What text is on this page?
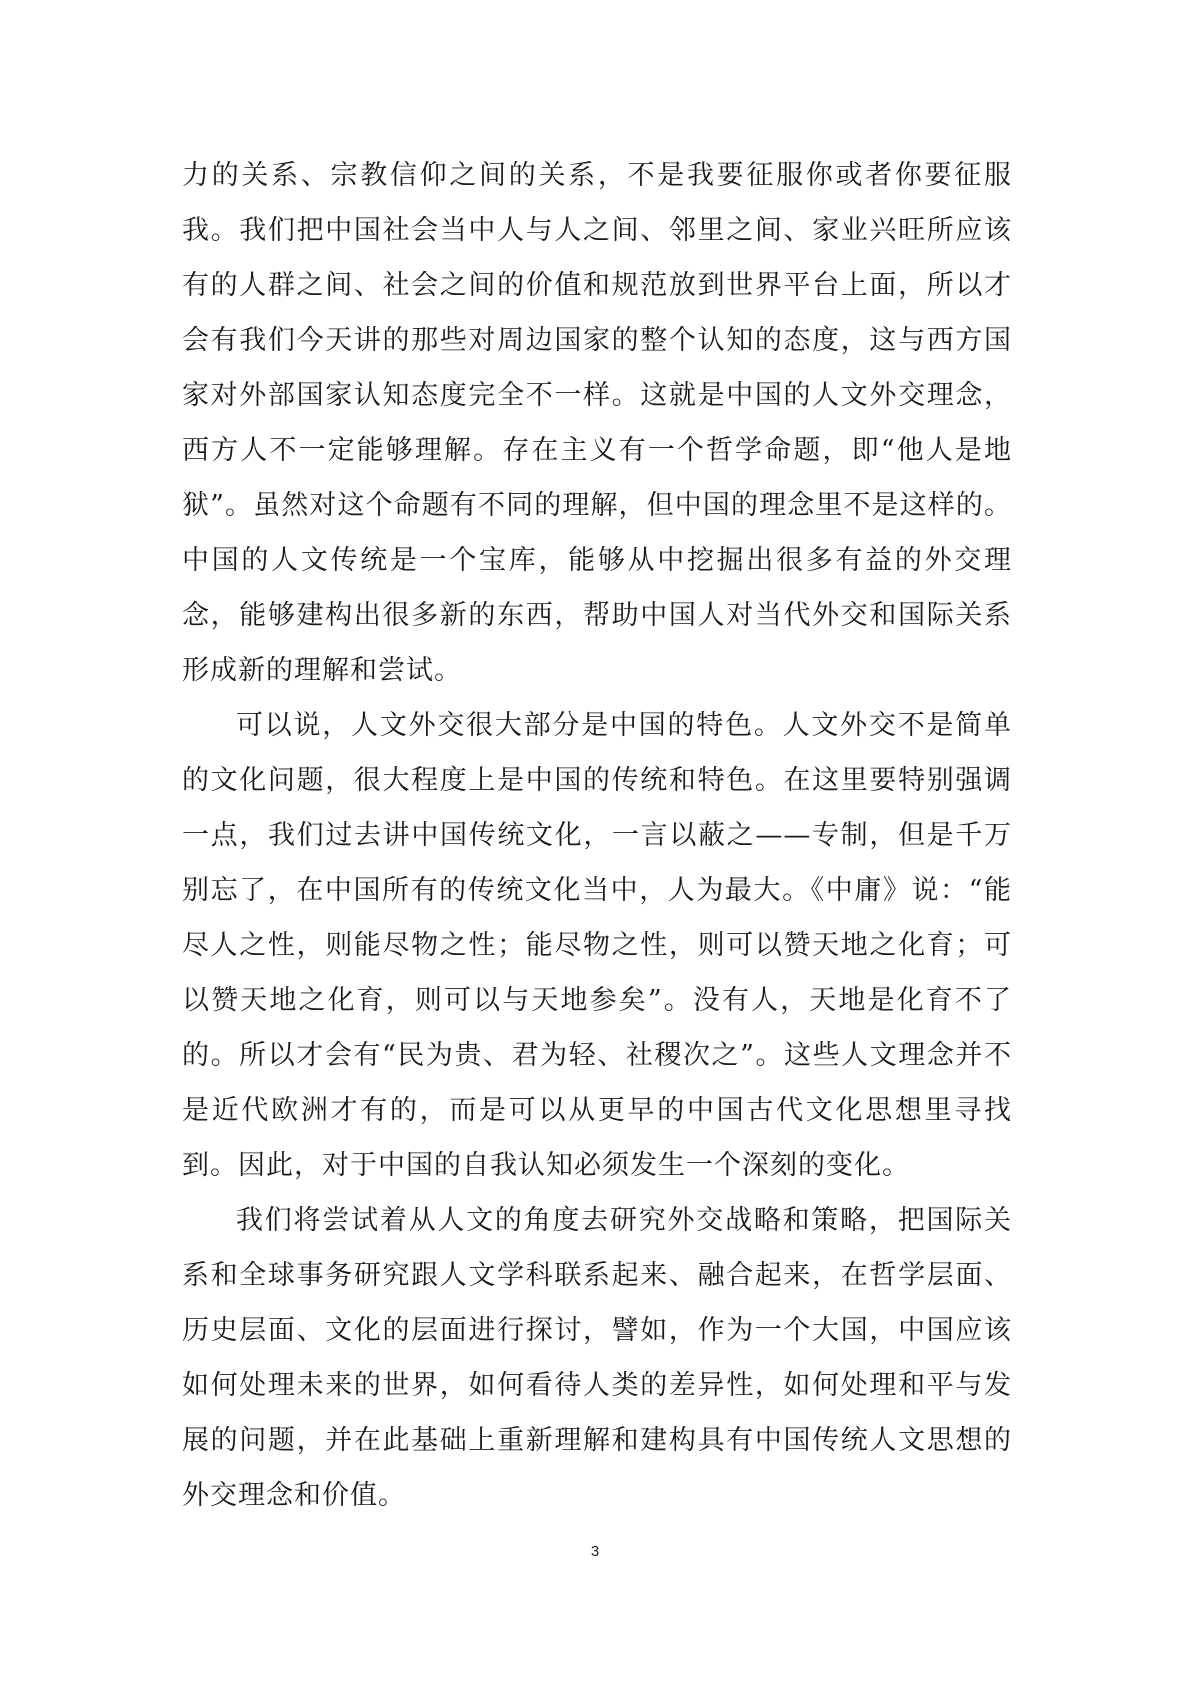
力的关系、宗教信仰之间的关系，不是我要征服你或者你要征服我。我们把中国社会当中人与人之间、邻里之间、家业兴旺所应该有的人群之间、社会之间的价值和规范放到世界平台上面，所以才会有我们今天讲的那些对周边国家的整个认知的态度，这与西方国家对外部国家认知态度完全不一样。这就是中国的人文外交理念，西方人不一定能够理解。存在主义有一个哲学命题，即“他人是地狱”。虽然对这个命题有不同的理解，但中国的理念里不是这样的。中国的人文传统是一个宝库，能够从中挖掘出很多有益的外交理念，能够建构出很多新的东西，帮助中国人对当代外交和国际关系形成新的理解和尝试。

可以说，人文外交很大部分是中国的特色。人文外交不是简单的文化问题，很大程度上是中国的传统和特色。在这里要特别强调一点，我们过去讲中国传统文化，一言以蔽之——专制，但是千万别忘了，在中国所有的传统文化当中，人为最大。《中庸》说：“能尽人之性，则能尽物之性；能尽物之性，则可以赞天地之化育；可以赞天地之化育，则可以与天地参矣”。没有人，天地是化育不了的。所以才会有“民为贵、君为轻、社稷次之”。这些人文理念并不是近代欧洲才有的，而是可以从更早的中国古代文化思想里寻找到。因此，对于中国的自我认知必须发生一个深刻的变化。

我们将尝试着从人文的角度去研究外交战略和策略，把国际关系和全球事务研究跟人文学科联系起来、融合起来，在哲学层面、历史层面、文化的层面进行探讨，譬如，作为一个大国，中国应该如何处理未来的世界，如何看待人类的差异性，如何处理和平与发展的问题，并在此基础上重新理解和建构具有中国传统人文思想的外交理念和价值。

3
